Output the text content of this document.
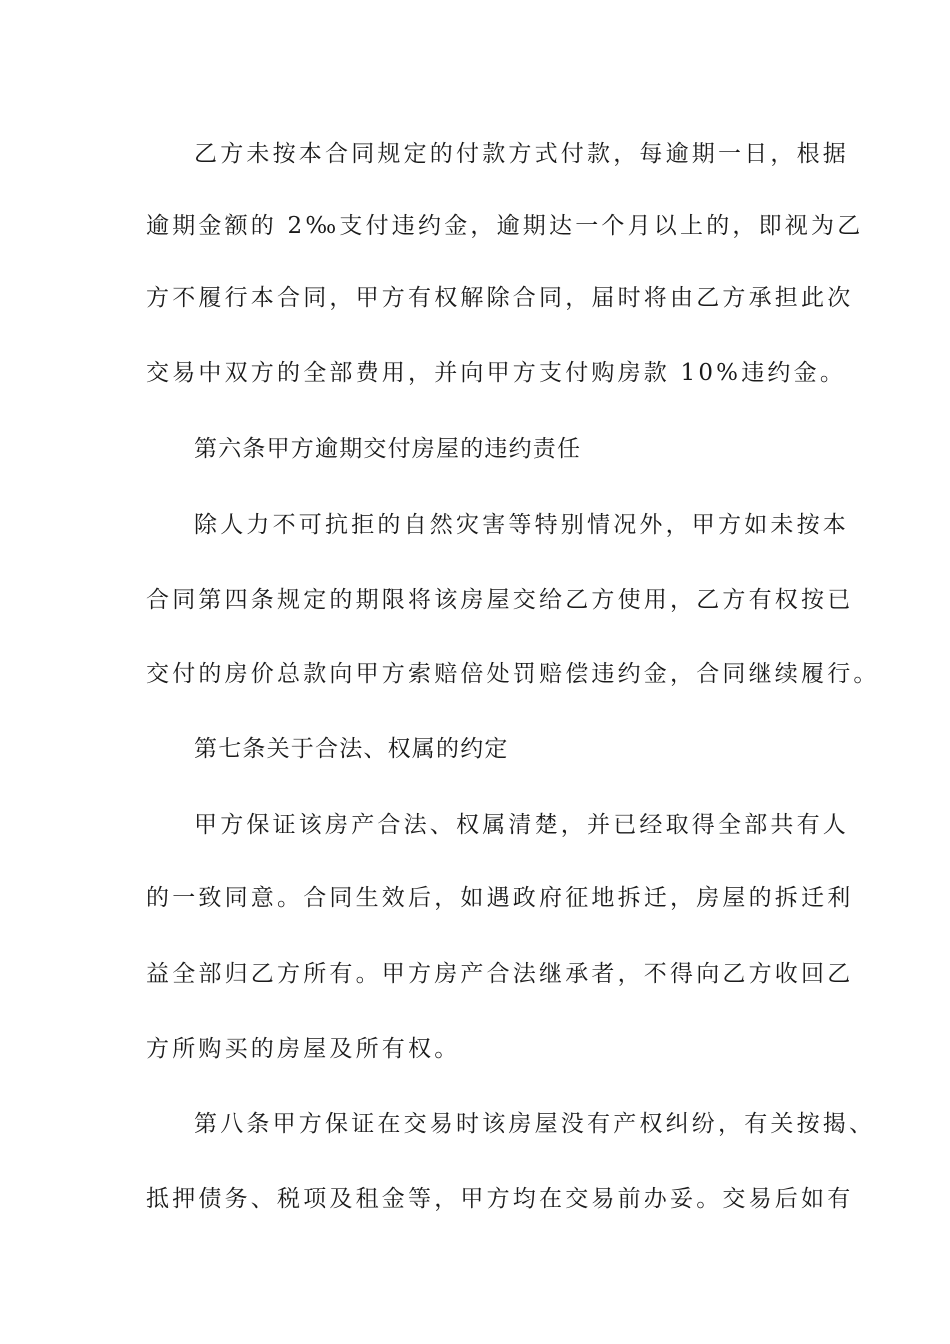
乙方未按本合同规定的付款方式付款，每逾期一日，根据
逾期金额的 2‰支付违约金，逾期达一个月以上的，即视为乙
方不履行本合同，甲方有权解除合同，届时将由乙方承担此次
交易中双方的全部费用，并向甲方支付购房款 10%违约金。
第六条甲方逾期交付房屋的违约责任
除人力不可抗拒的自然灾害等特别情况外，甲方如未按本
合同第四条规定的期限将该房屋交给乙方使用，乙方有权按已
交付的房价总款向甲方索赔倍处罚赔偿违约金，合同继续履行。
第七条关于合法、权属的约定
甲方保证该房产合法、权属清楚，并已经取得全部共有人
的一致同意。合同生效后，如遇政府征地拆迁，房屋的拆迁利
益全部归乙方所有。甲方房产合法继承者，不得向乙方收回乙
方所购买的房屋及所有权。
第八条甲方保证在交易时该房屋没有产权纠纷，有关按揭、
抵押债务、税项及租金等，甲方均在交易前办妥。交易后如有
